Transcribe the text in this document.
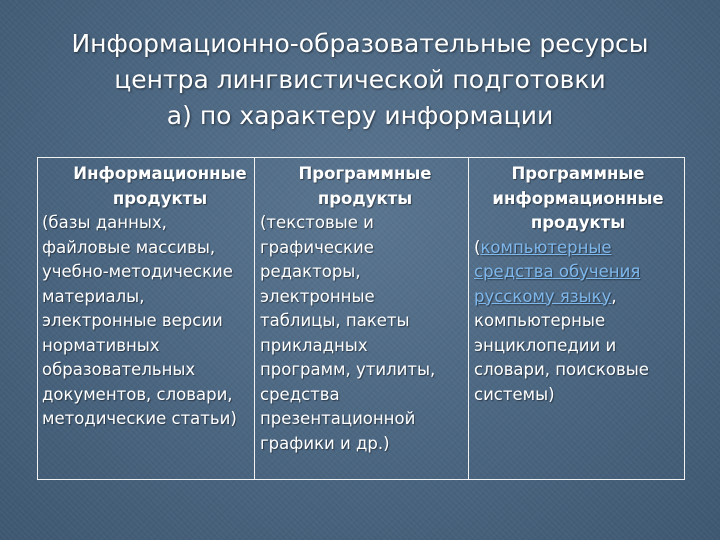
Информационно-образовательные ресурсы
центра лингвистической подготовки
а) по характеру информации
Информационные
продукты
(базы данных,
файловые массивы,
учебно-методические
материалы,
электронные версии
нормативных
образовательных
документов, словари,
методические статьи)
Программные
продукты
(текстовые и
графические
редакторы,
электронные
таблицы, пакеты
прикладных
программ, утилиты,
средства
презентационной
графики и др.)
Программные
информационные
продукты
(компьютерные
средства обучения
русскому языку,
компьютерные
энциклопедии и
словари, поисковые
системы)
